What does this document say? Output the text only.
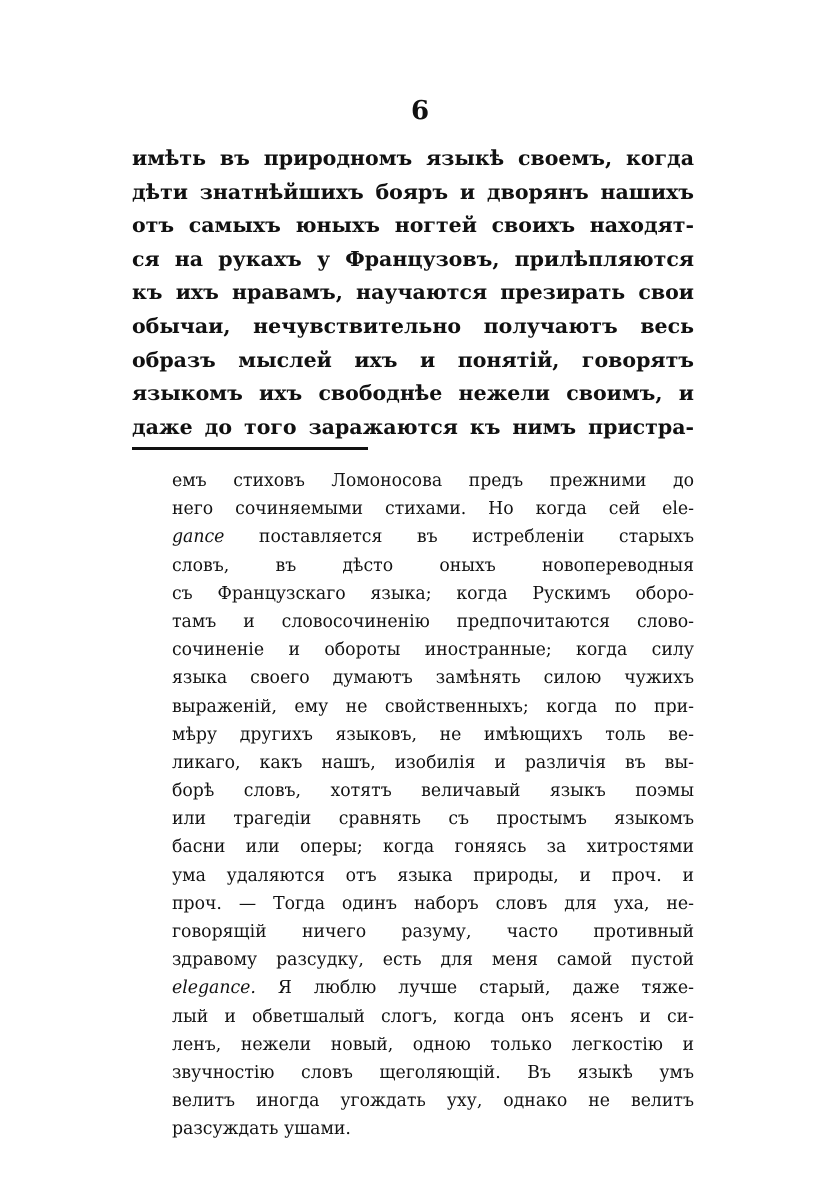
6
имѣть въ природномъ языкѣ своемъ, когда
дѣти знатнѣйшихъ бояръ и дворянъ нашихъ
отъ самыхъ юныхъ ногтей своихъ находят-
ся на рукахъ у Французовъ, прилѣпляются
къ ихъ нравамъ, научаются презирать свои
обычаи, нечувствительно получаютъ весь
образъ мыслей ихъ и понятій, говорятъ
языкомъ ихъ свободнѣе нежели своимъ, и
даже до того заражаются къ нимъ пристра-
емъ стиховъ Ломоносова предъ прежними до
него сочиняемыми стихами. Но когда сей ele-
gance поставляется въ истребленіи старыхъ
словъ, въ дѣсто оныхъ новопереводныя
съ Французскаго языка; когда Рускимъ оборо-
тамъ и словосочиненію предпочитаются слово-
сочиненіе и обороты иностранные; когда силу
языка своего думаютъ замѣнять силою чужихъ
выраженій, ему не свойственныхъ; когда по при-
мѣру другихъ языковъ, не имѣющихъ толь ве-
ликаго, какъ нашъ, изобилія и различія въ вы-
борѣ словъ, хотятъ величавый языкъ поэмы
или трагедіи сравнять съ простымъ языкомъ
басни или оперы; когда гоняясь за хитростями
ума удаляются отъ языка природы, и проч. и
проч. — Тогда одинъ наборъ словъ для уха, не-
говорящій ничего разуму, часто противный
здравому разсудку, есть для меня самой пустой
elegance. Я люблю лучше старый, даже тяже-
лый и обветшалый слогъ, когда онъ ясенъ и си-
ленъ, нежели новый, одною только легкостію и
звучностію словъ щеголяющій. Въ языкѣ умъ
велитъ иногда угождать уху, однако не велитъ
разсуждать ушами.
